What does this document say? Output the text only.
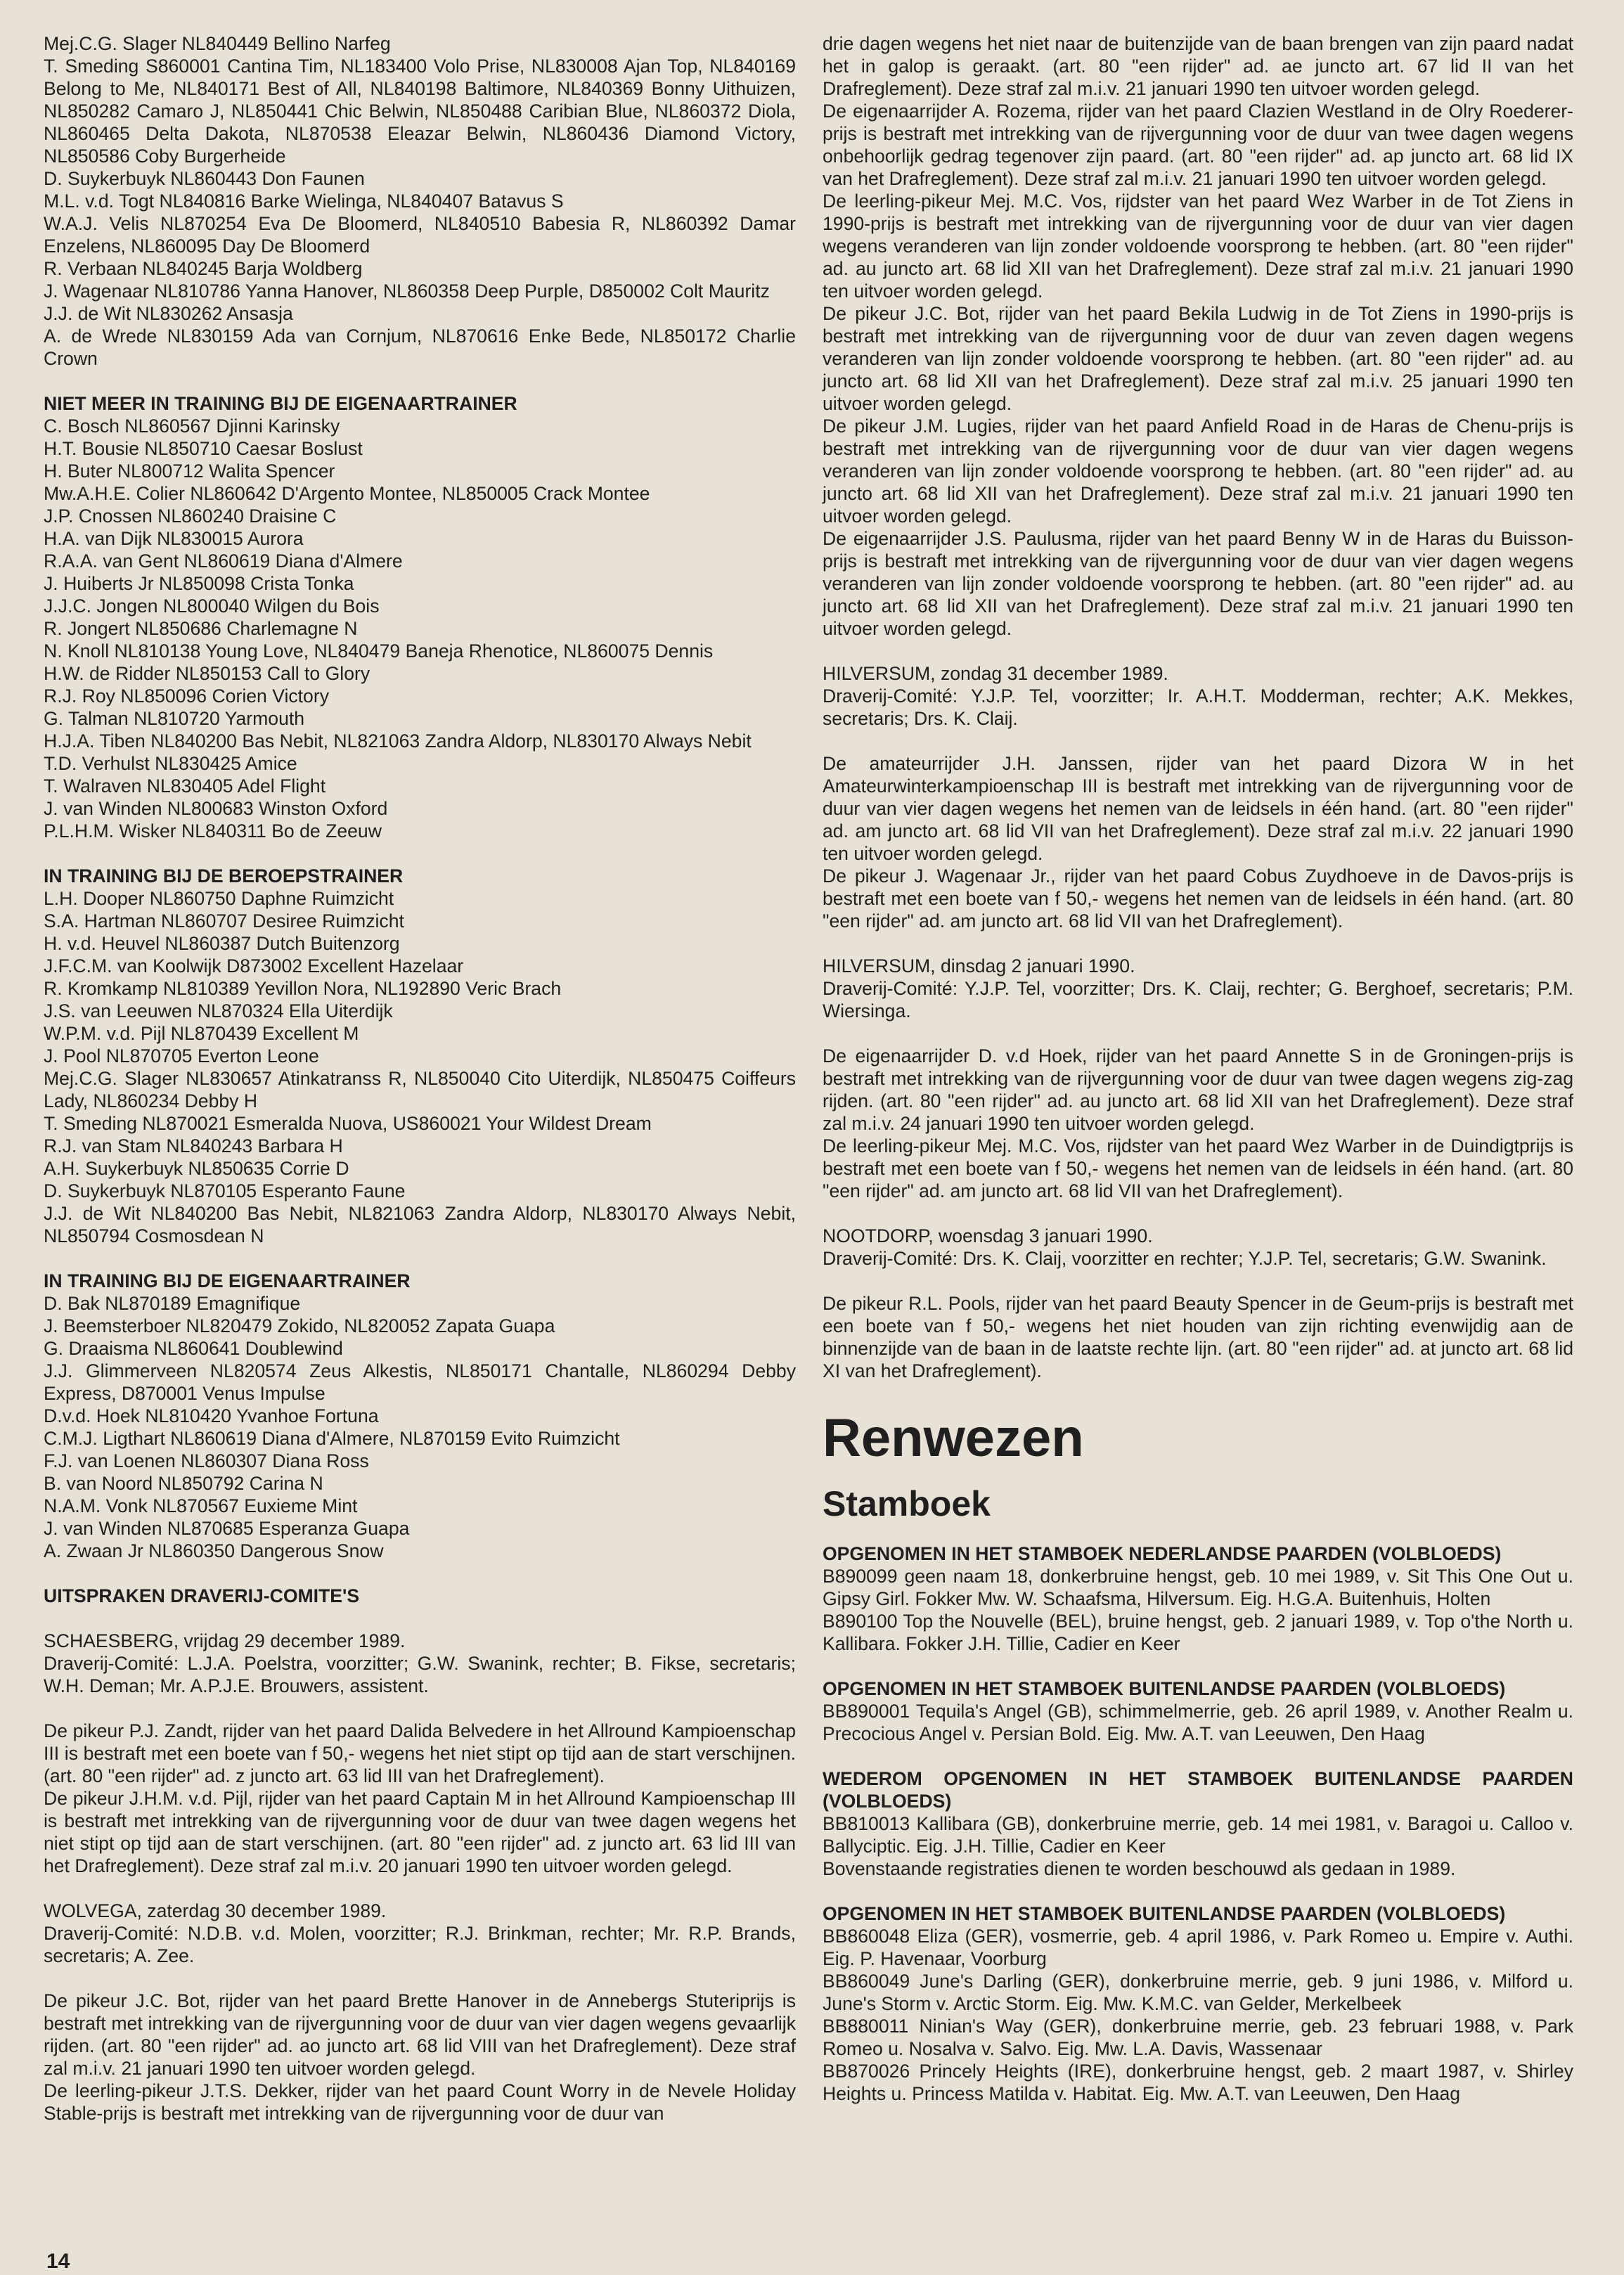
Mej.C.G. Slager NL840449 Bellino Narfeg

T. Smeding S860001 Cantina Tim, NL183400 Volo Prise, NL830008 Ajan Top, NL840169 Belong to Me, NL840171 Best of All, NL840198 Baltimore, NL840369 Bonny Uithuizen, NL850282 Camaro J, NL850441 Chic Belwin, NL850488 Caribian Blue, NL860372 Diola, NL860465 Delta Dakota, NL870538 Eleazar Belwin, NL860436 Diamond Victory, NL850586 Coby Burgerheide

D. Suykerbuyk NL860443 Don Faunen

M.L. v.d. Togt NL840816 Barke Wielinga, NL840407 Batavus S

W.A.J. Velis NL870254 Eva De Bloomerd, NL840510 Babesia R, NL860392 Damar Enzelens, NL860095 Day De Bloomerd

R. Verbaan NL840245 Barja Woldberg

J. Wagenaar NL810786 Yanna Hanover, NL860358 Deep Purple, D850002 Colt Mauritz

J.J. de Wit NL830262 Ansasja

A. de Wrede NL830159 Ada van Cornjum, NL870616 Enke Bede, NL850172 Charlie Crown

NIET MEER IN TRAINING BIJ DE EIGENAARTRAINER

C. Bosch NL860567 Djinni Karinsky

H.T. Bousie NL850710 Caesar Boslust

H. Buter NL800712 Walita Spencer

Mw.A.H.E. Colier NL860642 D'Argento Montee, NL850005 Crack Montee

J.P. Cnossen NL860240 Draisine C

H.A. van Dijk NL830015 Aurora

R.A.A. van Gent NL860619 Diana d'Almere

J. Huiberts Jr NL850098 Crista Tonka

J.J.C. Jongen NL800040 Wilgen du Bois

R. Jongert NL850686 Charlemagne N

N. Knoll NL810138 Young Love, NL840479 Baneja Rhenotice, NL860075 Dennis

H.W. de Ridder NL850153 Call to Glory

R.J. Roy NL850096 Corien Victory

G. Talman NL810720 Yarmouth

H.J.A. Tiben NL840200 Bas Nebit, NL821063 Zandra Aldorp, NL830170 Always Nebit

T.D. Verhulst NL830425 Amice

T. Walraven NL830405 Adel Flight

J. van Winden NL800683 Winston Oxford

P.L.H.M. Wisker NL840311 Bo de Zeeuw

IN TRAINING BIJ DE BEROEPSTRAINER

L.H. Dooper NL860750 Daphne Ruimzicht

S.A. Hartman NL860707 Desiree Ruimzicht

H. v.d. Heuvel NL860387 Dutch Buitenzorg

J.F.C.M. van Koolwijk D873002 Excellent Hazelaar

R. Kromkamp NL810389 Yevillon Nora, NL192890 Veric Brach

J.S. van Leeuwen NL870324 Ella Uiterdijk

W.P.M. v.d. Pijl NL870439 Excellent M

J. Pool NL870705 Everton Leone

Mej.C.G. Slager NL830657 Atinkatranss R, NL850040 Cito Uiterdijk, NL850475 Coiffeurs Lady, NL860234 Debby H

T. Smeding NL870021 Esmeralda Nuova, US860021 Your Wildest Dream

R.J. van Stam NL840243 Barbara H

A.H. Suykerbuyk NL850635 Corrie D

D. Suykerbuyk NL870105 Esperanto Faune

J.J. de Wit NL840200 Bas Nebit, NL821063 Zandra Aldorp, NL830170 Always Nebit, NL850794 Cosmosdean N

IN TRAINING BIJ DE EIGENAARTRAINER

D. Bak NL870189 Emagnifique

J. Beemsterboer NL820479 Zokido, NL820052 Zapata Guapa

G. Draaisma NL860641 Doublewind

J.J. Glimmerveen NL820574 Zeus Alkestis, NL850171 Chantalle, NL860294 Debby Express, D870001 Venus Impulse

D.v.d. Hoek NL810420 Yvanhoe Fortuna

C.M.J. Ligthart NL860619 Diana d'Almere, NL870159 Evito Ruimzicht

F.J. van Loenen NL860307 Diana Ross

B. van Noord NL850792 Carina N

N.A.M. Vonk NL870567 Euxieme Mint

J. van Winden NL870685 Esperanza Guapa

A. Zwaan Jr NL860350 Dangerous Snow

UITSPRAKEN DRAVERIJ-COMITE'S

SCHAESBERG, vrijdag 29 december 1989.

Draverij-Comité: L.J.A. Poelstra, voorzitter; G.W. Swanink, rechter; B. Fikse, secretaris; W.H. Deman; Mr. A.P.J.E. Brouwers, assistent.

De pikeur P.J. Zandt, rijder van het paard Dalida Belvedere in het Allround Kampioenschap III is bestraft met een boete van f 50,- wegens het niet stipt op tijd aan de start verschijnen. (art. 80 "een rijder" ad. z juncto art. 63 lid III van het Drafreglement).

De pikeur J.H.M. v.d. Pijl, rijder van het paard Captain M in het Allround Kampioenschap III is bestraft met intrekking van de rijvergunning voor de duur van twee dagen wegens het niet stipt op tijd aan de start verschijnen. (art. 80 "een rijder" ad. z juncto art. 63 lid III van het Drafreglement). Deze straf zal m.i.v. 20 januari 1990 ten uitvoer worden gelegd.

WOLVEGA, zaterdag 30 december 1989.

Draverij-Comité: N.D.B. v.d. Molen, voorzitter; R.J. Brinkman, rechter; Mr. R.P. Brands, secretaris; A. Zee.

De pikeur J.C. Bot, rijder van het paard Brette Hanover in de Annebergs Stuteriprijs is bestraft met intrekking van de rijvergunning voor de duur van vier dagen wegens gevaarlijk rijden. (art. 80 "een rijder" ad. ao juncto art. 68 lid VIII van het Drafreglement). Deze straf zal m.i.v. 21 januari 1990 ten uitvoer worden gelegd.

De leerling-pikeur J.T.S. Dekker, rijder van het paard Count Worry in de Nevele Holiday Stable-prijs is bestraft met intrekking van de rijvergunning voor de duur van

drie dagen wegens het niet naar de buitenzijde van de baan brengen van zijn paard nadat het in galop is geraakt. (art. 80 "een rijder" ad. ae juncto art. 67 lid II van het Drafreglement). Deze straf zal m.i.v. 21 januari 1990 ten uitvoer worden gelegd.

De eigenaarrijder A. Rozema, rijder van het paard Clazien Westland in de Olry Roederer-prijs is bestraft met intrekking van de rijvergunning voor de duur van twee dagen wegens onbehoorlijk gedrag tegenover zijn paard. (art. 80 "een rijder" ad. ap juncto art. 68 lid IX van het Drafreglement). Deze straf zal m.i.v. 21 januari 1990 ten uitvoer worden gelegd.

De leerling-pikeur Mej. M.C. Vos, rijdster van het paard Wez Warber in de Tot Ziens in 1990-prijs is bestraft met intrekking van de rijvergunning voor de duur van vier dagen wegens veranderen van lijn zonder voldoende voorsprong te hebben. (art. 80 "een rijder" ad. au juncto art. 68 lid XII van het Drafreglement). Deze straf zal m.i.v. 21 januari 1990 ten uitvoer worden gelegd.

De pikeur J.C. Bot, rijder van het paard Bekila Ludwig in de Tot Ziens in 1990-prijs is bestraft met intrekking van de rijvergunning voor de duur van zeven dagen wegens veranderen van lijn zonder voldoende voorsprong te hebben. (art. 80 "een rijder" ad. au juncto art. 68 lid XII van het Drafreglement). Deze straf zal m.i.v. 25 januari 1990 ten uitvoer worden gelegd.

De pikeur J.M. Lugies, rijder van het paard Anfield Road in de Haras de Chenu-prijs is bestraft met intrekking van de rijvergunning voor de duur van vier dagen wegens veranderen van lijn zonder voldoende voorsprong te hebben. (art. 80 "een rijder" ad. au juncto art. 68 lid XII van het Drafreglement). Deze straf zal m.i.v. 21 januari 1990 ten uitvoer worden gelegd.

De eigenaarrijder J.S. Paulusma, rijder van het paard Benny W in de Haras du Buisson-prijs is bestraft met intrekking van de rijvergunning voor de duur van vier dagen wegens veranderen van lijn zonder voldoende voorsprong te hebben. (art. 80 "een rijder" ad. au juncto art. 68 lid XII van het Drafreglement). Deze straf zal m.i.v. 21 januari 1990 ten uitvoer worden gelegd.

HILVERSUM, zondag 31 december 1989.

Draverij-Comité: Y.J.P. Tel, voorzitter; Ir. A.H.T. Modderman, rechter; A.K. Mekkes, secretaris; Drs. K. Claij.

De amateurrijder J.H. Janssen, rijder van het paard Dizora W in het Amateurwinterkampioenschap III is bestraft met intrekking van de rijvergunning voor de duur van vier dagen wegens het nemen van de leidsels in één hand. (art. 80 "een rijder" ad. am juncto art. 68 lid VII van het Drafreglement). Deze straf zal m.i.v. 22 januari 1990 ten uitvoer worden gelegd.

De pikeur J. Wagenaar Jr., rijder van het paard Cobus Zuydhoeve in de Davos-prijs is bestraft met een boete van f 50,- wegens het nemen van de leidsels in één hand. (art. 80 "een rijder" ad. am juncto art. 68 lid VII van het Drafreglement).

HILVERSUM, dinsdag 2 januari 1990.

Draverij-Comité: Y.J.P. Tel, voorzitter; Drs. K. Claij, rechter; G. Berghoef, secretaris; P.M. Wiersinga.

De eigenaarrijder D. v.d Hoek, rijder van het paard Annette S in de Groningen-prijs is bestraft met intrekking van de rijvergunning voor de duur van twee dagen wegens zig-zag rijden. (art. 80 "een rijder" ad. au juncto art. 68 lid XII van het Drafreglement). Deze straf zal m.i.v. 24 januari 1990 ten uitvoer worden gelegd.

De leerling-pikeur Mej. M.C. Vos, rijdster van het paard Wez Warber in de Duindigtprijs is bestraft met een boete van f 50,- wegens het nemen van de leidsels in één hand. (art. 80 "een rijder" ad. am juncto art. 68 lid VII van het Drafreglement).

NOOTDORP, woensdag 3 januari 1990.

Draverij-Comité: Drs. K. Claij, voorzitter en rechter; Y.J.P. Tel, secretaris; G.W. Swanink.

De pikeur R.L. Pools, rijder van het paard Beauty Spencer in de Geum-prijs is bestraft met een boete van f 50,- wegens het niet houden van zijn richting evenwijdig aan de binnenzijde van de baan in de laatste rechte lijn. (art. 80 "een rijder" ad. at juncto art. 68 lid XI van het Drafreglement).

Renwezen

Stamboek

OPGENOMEN IN HET STAMBOEK NEDERLANDSE PAARDEN (VOLBLOEDS)

B890099 geen naam 18, donkerbruine hengst, geb. 10 mei 1989, v. Sit This One Out u. Gipsy Girl. Fokker Mw. W. Schaafsma, Hilversum. Eig. H.G.A. Buitenhuis, Holten

B890100 Top the Nouvelle (BEL), bruine hengst, geb. 2 januari 1989, v. Top o'the North u. Kallibara. Fokker J.H. Tillie, Cadier en Keer

OPGENOMEN IN HET STAMBOEK BUITENLANDSE PAARDEN (VOLBLOEDS)

BB890001 Tequila's Angel (GB), schimmelmerrie, geb. 26 april 1989, v. Another Realm u. Precocious Angel v. Persian Bold. Eig. Mw. A.T. van Leeuwen, Den Haag

WEDEROM OPGENOMEN IN HET STAMBOEK BUITENLANDSE PAARDEN (VOLBLOEDS)

BB810013 Kallibara (GB), donkerbruine merrie, geb. 14 mei 1981, v. Baragoi u. Calloo v. Ballyciptic. Eig. J.H. Tillie, Cadier en Keer

Bovenstaande registraties dienen te worden beschouwd als gedaan in 1989.

OPGENOMEN IN HET STAMBOEK BUITENLANDSE PAARDEN (VOLBLOEDS)

BB860048 Eliza (GER), vosmerrie, geb. 4 april 1986, v. Park Romeo u. Empire v. Authi. Eig. P. Havenaar, Voorburg

BB860049 June's Darling (GER), donkerbruine merrie, geb. 9 juni 1986, v. Milford u. June's Storm v. Arctic Storm. Eig. Mw. K.M.C. van Gelder, Merkelbeek

BB880011 Ninian's Way (GER), donkerbruine merrie, geb. 23 februari 1988, v. Park Romeo u. Nosalva v. Salvo. Eig. Mw. L.A. Davis, Wassenaar

BB870026 Princely Heights (IRE), donkerbruine hengst, geb. 2 maart 1987, v. Shirley Heights u. Princess Matilda v. Habitat. Eig. Mw. A.T. van Leeuwen, Den Haag

14
